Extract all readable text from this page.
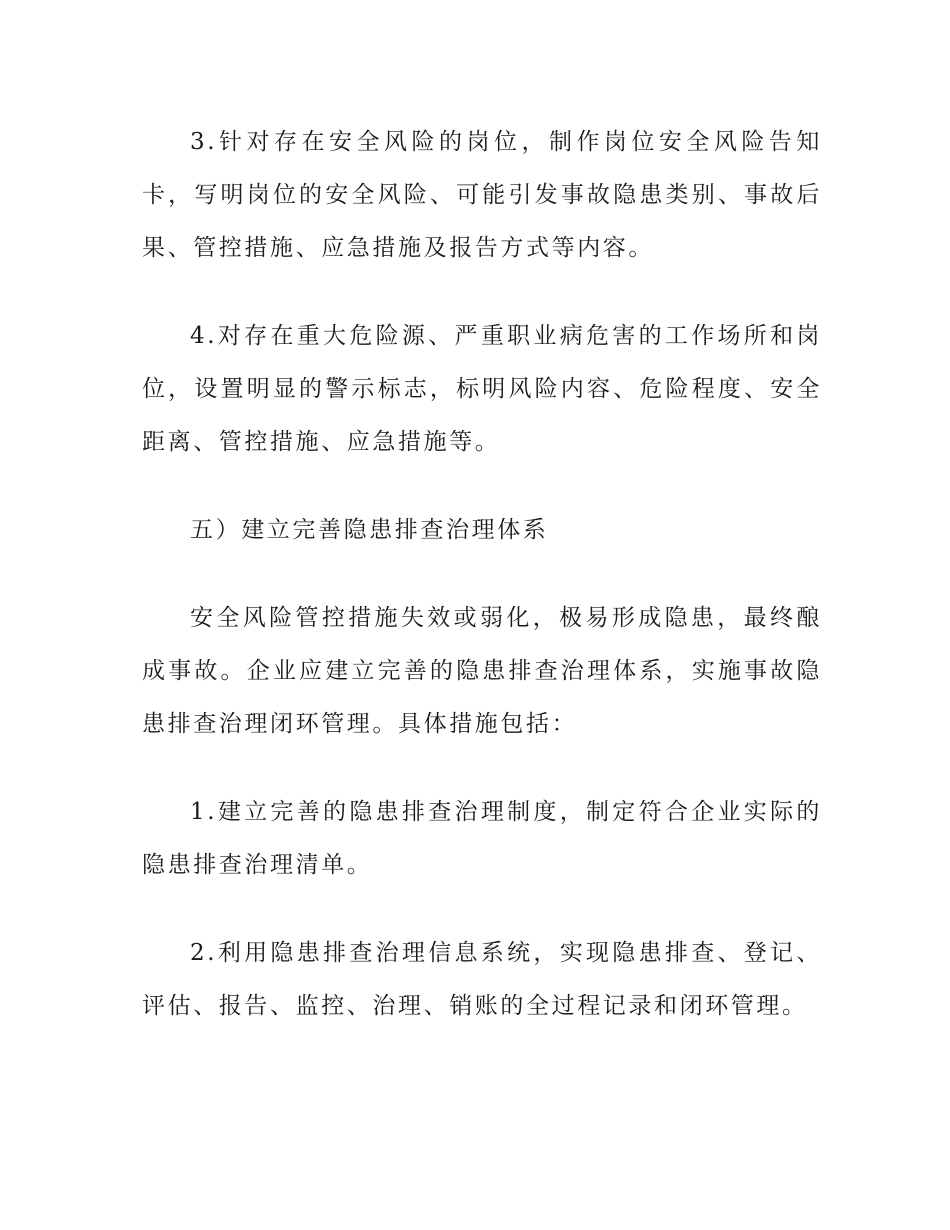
3.针对存在安全风险的岗位，制作岗位安全风险告知卡，写明岗位的安全风险、可能引发事故隐患类别、事故后果、管控措施、应急措施及报告方式等内容。

4.对存在重大危险源、严重职业病危害的工作场所和岗位，设置明显的警示标志，标明风险内容、危险程度、安全距离、管控措施、应急措施等。

五）建立完善隐患排查治理体系

安全风险管控措施失效或弱化，极易形成隐患，最终酿成事故。企业应建立完善的隐患排查治理体系，实施事故隐患排查治理闭环管理。具体措施包括：

1.建立完善的隐患排查治理制度，制定符合企业实际的隐患排查治理清单。

2.利用隐患排查治理信息系统，实现隐患排查、登记、评估、报告、监控、治理、销账的全过程记录和闭环管理。
